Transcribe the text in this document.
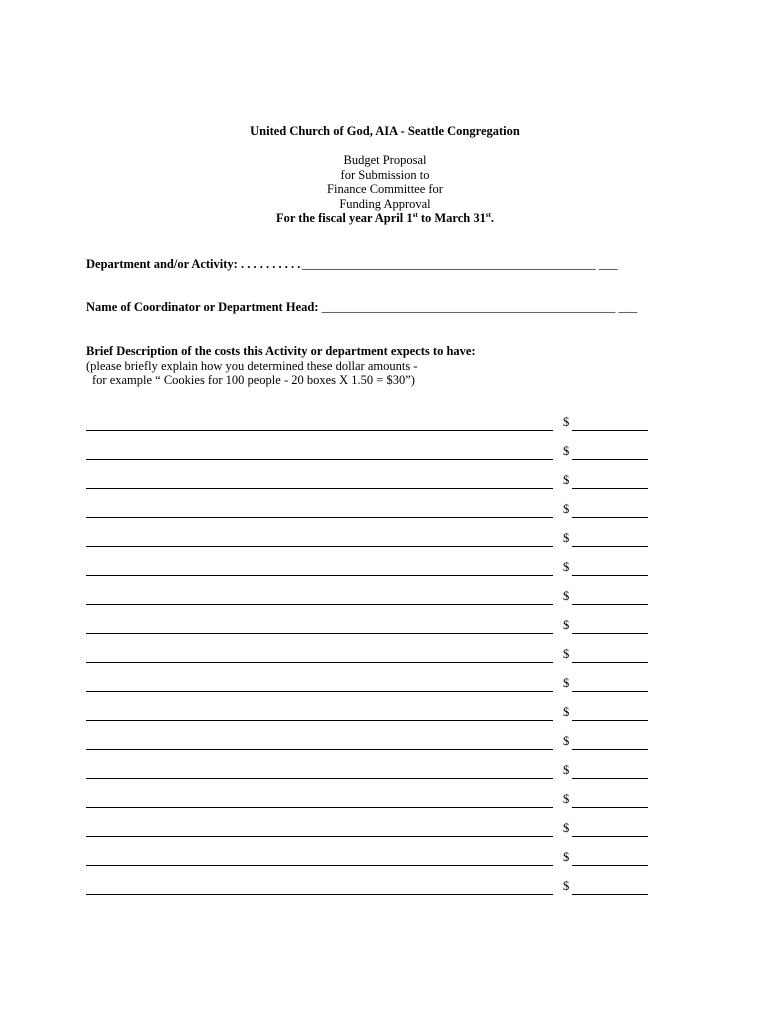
United Church of God, AIA - Seattle Congregation
Budget Proposal
for Submission to
Finance Committee for
Funding Approval
For the fiscal year April 1st to March 31st.
Department and/or Activity: . . . . . . . . . . _______________________________________________ ___
Name of Coordinator or Department Head: _______________________________________________ ___
Brief Description of the costs this Activity or department expects to have:
(please briefly explain how you determined these dollar amounts -
for example “ Cookies for 100 people - 20 boxes X 1.50 = $30”)
$
$
$
$
$
$
$
$
$
$
$
$
$
$
$
$
$
